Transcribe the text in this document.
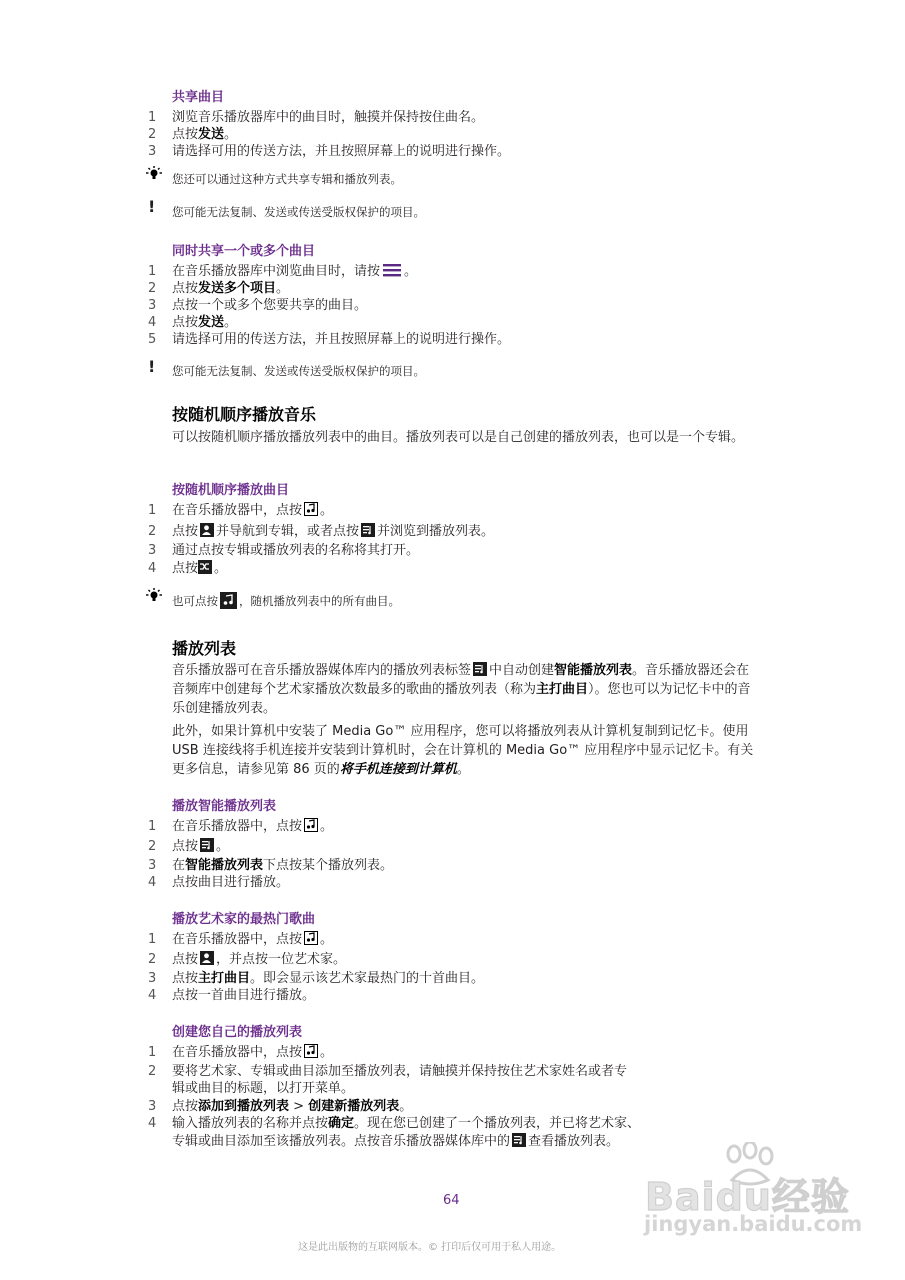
共享曲目
1 浏览音乐播放器库中的曲目时，触摸并保持按住曲名。
2 点按发送。
3 请选择可用的传送方法，并且按照屏幕上的说明进行操作。
您还可以通过这种方式共享专辑和播放列表。
! 您可能无法复制、发送或传送受版权保护的项目。
同时共享一个或多个曲目
1 在音乐播放器库中浏览曲目时，请按 。
2 点按发送多个项目。
3 点按一个或多个您要共享的曲目。
4 点按发送。
5 请选择可用的传送方法，并且按照屏幕上的说明进行操作。
! 您可能无法复制、发送或传送受版权保护的项目。
按随机顺序播放音乐
可以按随机顺序播放播放列表中的曲目。播放列表可以是自己创建的播放列表，也可以是一个专辑。
按随机顺序播放曲目
1 在音乐播放器中，点按 。
2 点按 并导航到专辑，或者点按 并浏览到播放列表。
3 通过点按专辑或播放列表的名称将其打开。
4 点按 。
也可点按 ，随机播放列表中的所有曲目。
播放列表
音乐播放器可在音乐播放器媒体库内的播放列表标签 中自动创建智能播放列表。音乐播放器还会在音频库中创建每个艺术家播放次数最多的歌曲的播放列表（称为主打曲目）。您也可以为记忆卡中的音乐创建播放列表。
此外，如果计算机中安装了 Media Go™ 应用程序，您可以将播放列表从计算机复制到记忆卡。使用 USB 连接线将手机连接并安装到计算机时，会在计算机的 Media Go™ 应用程序中显示记忆卡。有关更多信息，请参见第 86 页的将手机连接到计算机。
播放智能播放列表
1 在音乐播放器中，点按 。
2 点按 。
3 在智能播放列表下点按某个播放列表。
4 点按曲目进行播放。
播放艺术家的最热门歌曲
1 在音乐播放器中，点按 。
2 点按 ，并点按一位艺术家。
3 点按主打曲目。即会显示该艺术家最热门的十首曲目。
4 点按一首曲目进行播放。
创建您自己的播放列表
1 在音乐播放器中，点按 。
2 要将艺术家、专辑或曲目添加至播放列表，请触摸并保持按住艺术家姓名或者专
辑或曲目的标题，以打开菜单。
3 点按添加到播放列表 > 创建新播放列表。
4 输入播放列表的名称并点按确定。现在您已创建了一个播放列表，并已将艺术家、
专辑或曲目添加至该播放列表。点按音乐播放器媒体库中的 查看播放列表。
64
这是此出版物的互联网版本。© 打印后仅可用于私人用途。
Baidu经验
jingyan.baidu.com
